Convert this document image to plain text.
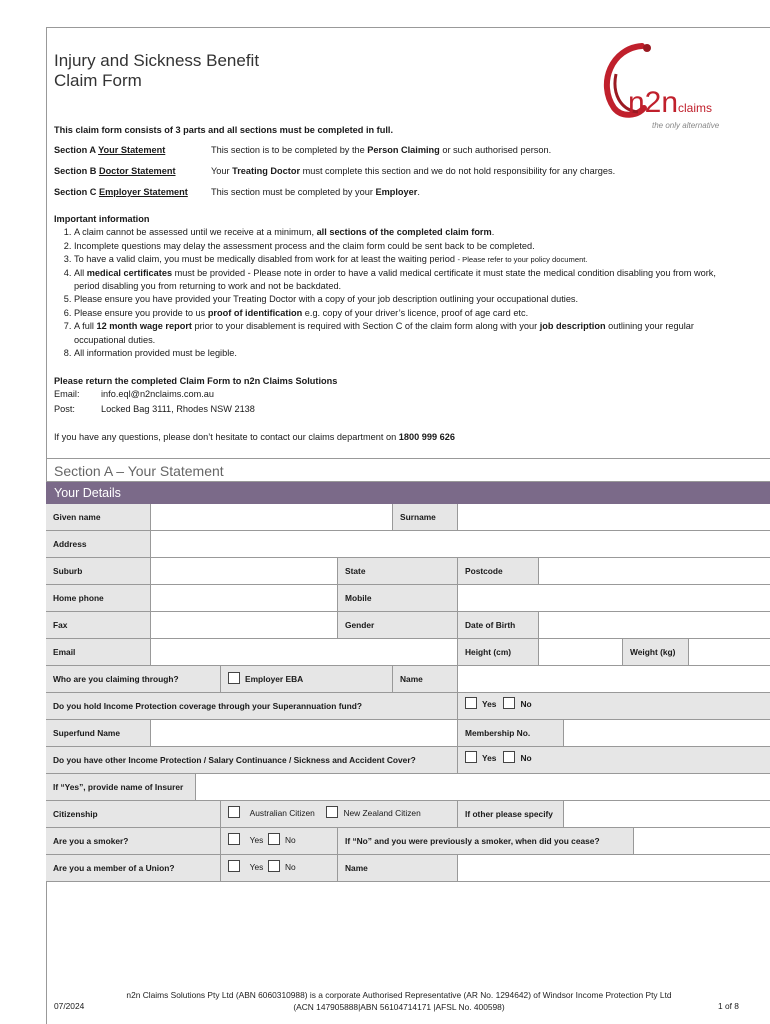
Injury and Sickness Benefit
Claim Form
n2n claims
the only alternative
This claim form consists of 3 parts and all sections must be completed in full.
Section A Your Statement	This section is to be completed by the Person Claiming or such authorised person.
Section B Doctor Statement	Your Treating Doctor must complete this section and we do not hold responsibility for any charges.
Section C Employer Statement	This section must be completed by your Employer.
Important information
1. A claim cannot be assessed until we receive at a minimum, all sections of the completed claim form.
2. Incomplete questions may delay the assessment process and the claim form could be sent back to be completed.
3. To have a valid claim, you must be medically disabled from work for at least the waiting period - Please refer to your policy document.
4. All medical certificates must be provided - Please note in order to have a valid medical certificate it must state the medical condition disabling you from work, period disabling you from returning to work and not be backdated.
5. Please ensure you have provided your Treating Doctor with a copy of your job description outlining your occupational duties.
6. Please ensure you provide to us proof of identification e.g. copy of your driver’s licence, proof of age card etc.
7. A full 12 month wage report prior to your disablement is required with Section C of the claim form along with your job description outlining your regular occupational duties.
8. All information provided must be legible.
Please return the completed Claim Form to n2n Claims Solutions
Email: info.eql@n2nclaims.com.au
Post:	Locked Bag 3111, Rhodes NSW 2138
If you have any questions, please don’t hesitate to contact our claims department on 1800 999 626
Section A – Your Statement
Your Details
Given name	Surname
Address
Suburb	State	Postcode
Home phone	Mobile
Fax	Gender	Date of Birth
Email	Height (cm)	Weight (kg)
Who are you claiming through?	Employer EBA	Name
Do you hold Income Protection coverage through your Superannuation fund?	Yes	No
Superfund Name	Membership No.
Do you have other Income Protection / Salary Continuance / Sickness and Accident Cover?	Yes	No
If “Yes”, provide name of Insurer
Citizenship	Australian Citizen	New Zealand Citizen	If other please specify
Are you a smoker?	Yes	No	If “No” and you were previously a smoker, when did you cease?
Are you a member of a Union?	Yes	No	Name
n2n Claims Solutions Pty Ltd (ABN 6060310988) is a corporate Authorised Representative (AR No. 1294642) of Windsor Income Protection Pty Ltd
(ACN 147905888|ABN 56104714171 |AFSL No. 400598)
07/2024	1 of 8
